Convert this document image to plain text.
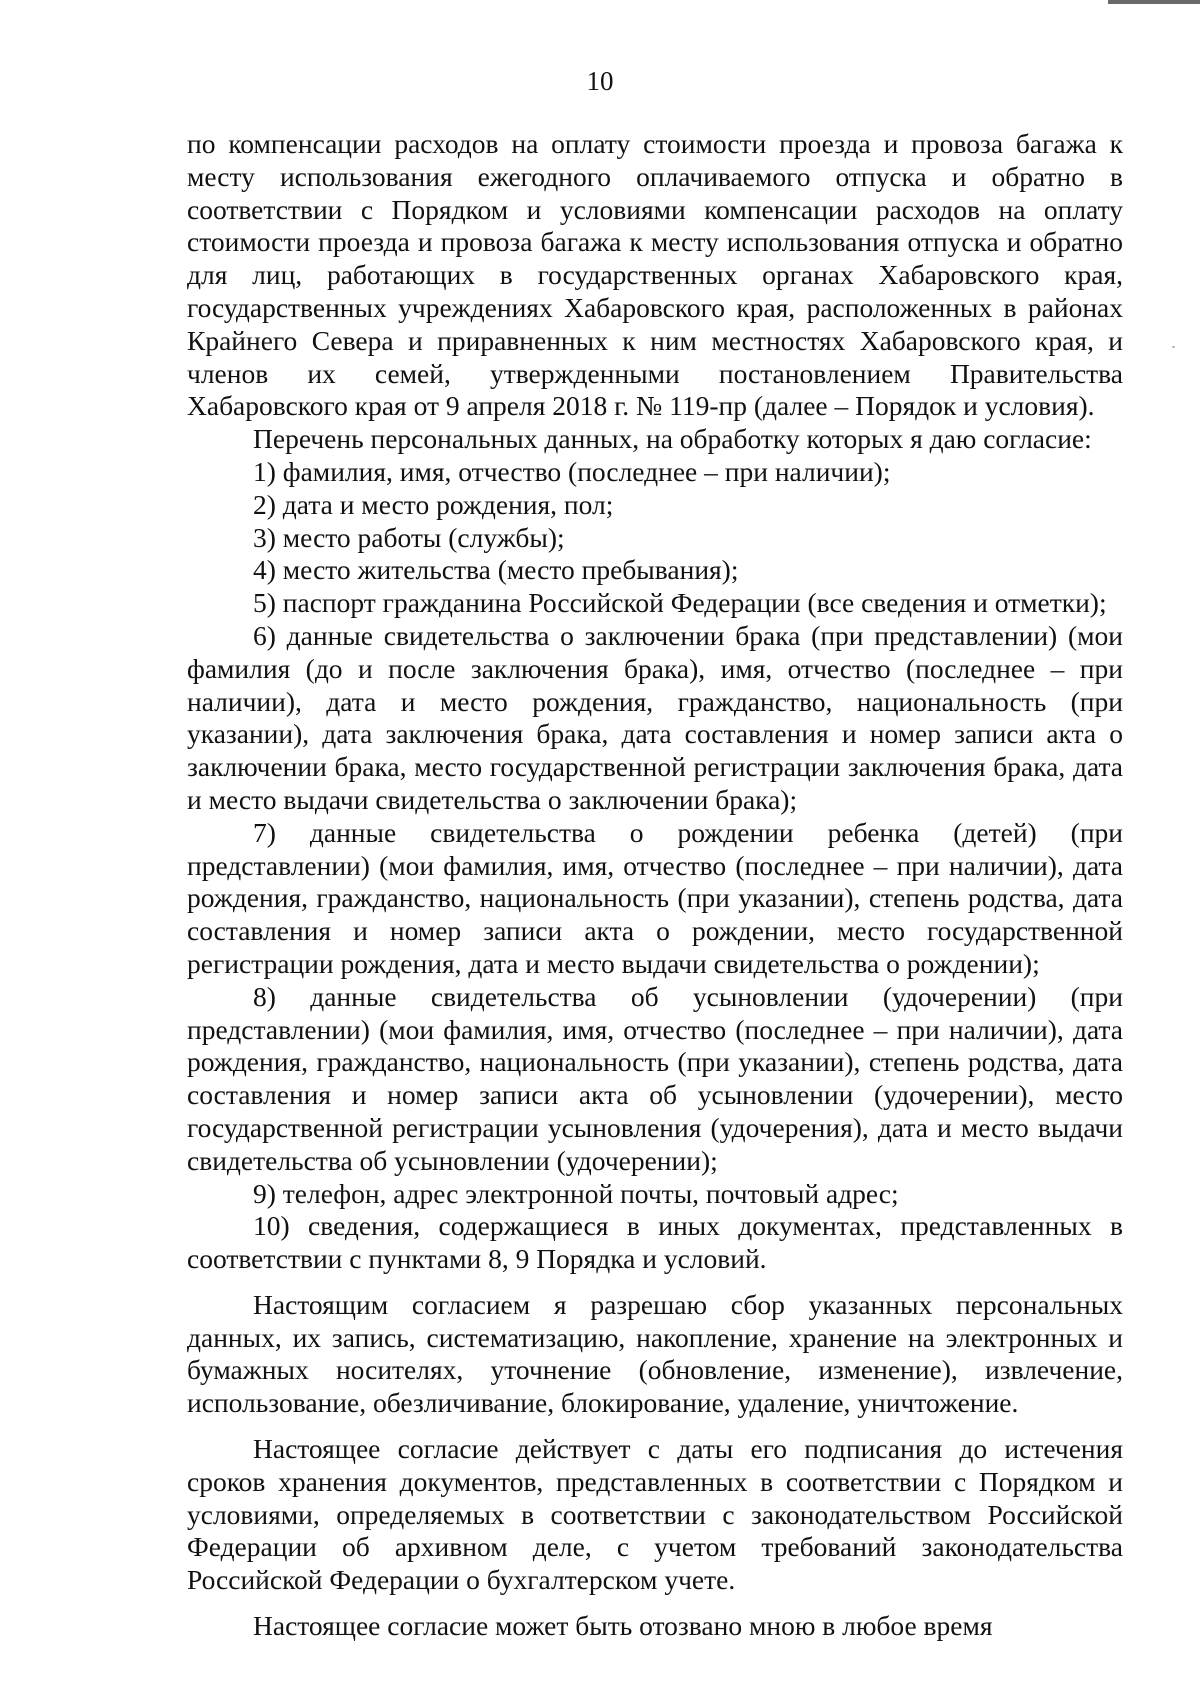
10

по компенсации расходов на оплату стоимости проезда и провоза багажа к месту использования ежегодного оплачиваемого отпуска и обратно в соответствии с Порядком и условиями компенсации расходов на оплату стоимости проезда и провоза багажа к месту использования отпуска и обратно для лиц, работающих в государственных органах Хабаровского края, государственных учреждениях Хабаровского края, расположенных в районах Крайнего Севера и приравненных к ним местностях Хабаровского края, и членов их семей, утвержденными постановлением Правительства Хабаровского края от 9 апреля 2018 г. № 119-пр (далее – Порядок и условия).

Перечень персональных данных, на обработку которых я даю согласие:

1) фамилия, имя, отчество (последнее – при наличии);

2) дата и место рождения, пол;

3) место работы (службы);

4) место жительства (место пребывания);

5) паспорт гражданина Российской Федерации (все сведения и отметки);

6) данные свидетельства о заключении брака (при представлении) (мои фамилия (до и после заключения брака), имя, отчество (последнее – при наличии), дата и место рождения, гражданство, национальность (при указании), дата заключения брака, дата составления и номер записи акта о заключении брака, место государственной регистрации заключения брака, дата и место выдачи свидетельства о заключении брака);

7) данные свидетельства о рождении ребенка (детей) (при представлении) (мои фамилия, имя, отчество (последнее – при наличии), дата рождения, гражданство, национальность (при указании), степень родства, дата составления и номер записи акта о рождении, место государственной регистрации рождения, дата и место выдачи свидетельства о рождении);

8) данные свидетельства об усыновлении (удочерении) (при представлении) (мои фамилия, имя, отчество (последнее – при наличии), дата рождения, гражданство, национальность (при указании), степень родства, дата составления и номер записи акта об усыновлении (удочерении), место государственной регистрации усыновления (удочерения), дата и место выдачи свидетельства об усыновлении (удочерении);

9) телефон, адрес электронной почты, почтовый адрес;

10) сведения, содержащиеся в иных документах, представленных в соответствии с пунктами 8, 9 Порядка и условий.

Настоящим согласием я разрешаю сбор указанных персональных данных, их запись, систематизацию, накопление, хранение на электронных и бумажных носителях, уточнение (обновление, изменение), извлечение, использование, обезличивание, блокирование, удаление, уничтожение.

Настоящее согласие действует с даты его подписания до истечения сроков хранения документов, представленных в соответствии с Порядком и условиями, определяемых в соответствии с законодательством Российской Федерации об архивном деле, с учетом требований законодательства Российской Федерации о бухгалтерском учете.

Настоящее согласие может быть отозвано мною в любое время
